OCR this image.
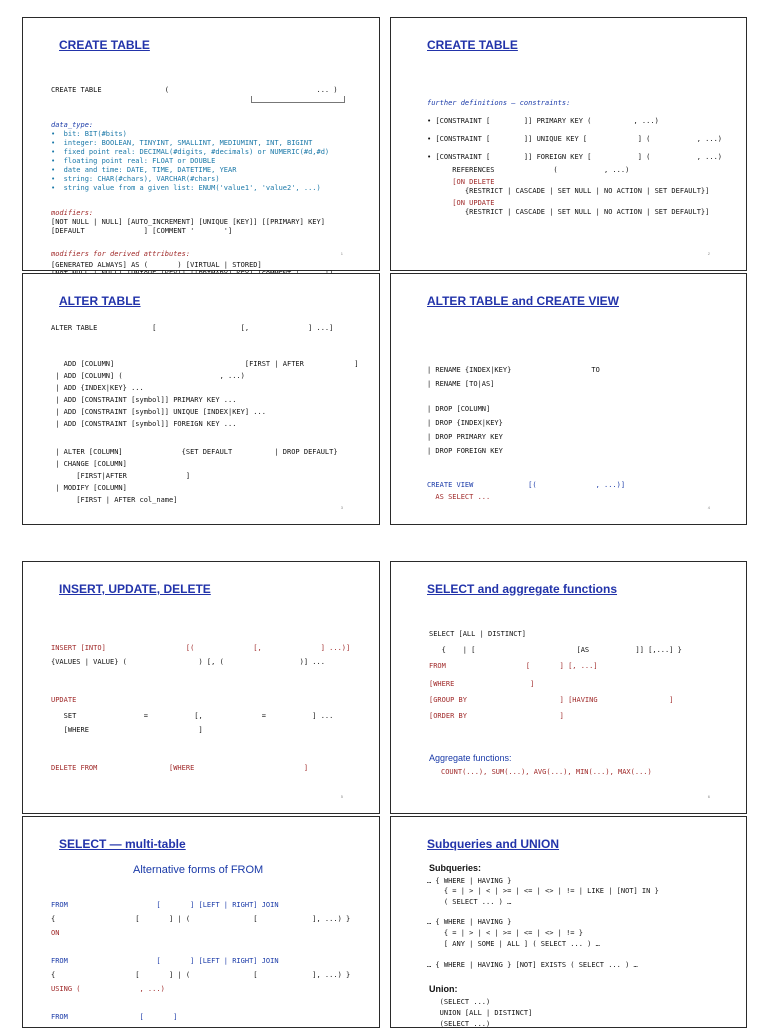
CREATE TABLE
CREATE TABLE               (                                   ... )
data_type:
•  bit: BIT(#bits)
•  integer: BOOLEAN, TINYINT, SMALLINT, MEDIUMINT, INT, BIGINT
•  fixed point real: DECIMAL(#digits, #decimals) or NUMERIC(#d,#d)
•  floating point real: FLOAT or DOUBLE
•  date and time: DATE, TIME, DATETIME, YEAR
•  string: CHAR(#chars), VARCHAR(#chars)
•  string value from a given list: ENUM('value1', 'value2', ...)
modifiers:
[NOT NULL | NULL] [AUTO_INCREMENT] [UNIQUE [KEY]] [[PRIMARY] KEY]
[DEFAULT              ] [COMMENT '       ']
modifiers for derived attributes:
[GENERATED ALWAYS] AS (       ) [VIRTUAL | STORED]
1
CREATE TABLE
further definitions – constraints:
• [CONSTRAINT [        ]] PRIMARY KEY (          , ...)
• [CONSTRAINT [        ]] UNIQUE KEY [            ] (           , ...)
• [CONSTRAINT [        ]] FOREIGN KEY [           ] (           , ...)
REFERENCES              (           , ...)
[ON DELETE
{RESTRICT | CASCADE | SET NULL | NO ACTION | SET DEFAULT}]
[ON UPDATE
{RESTRICT | CASCADE | SET NULL | NO ACTION | SET DEFAULT}]
2
ALTER TABLE
ALTER TABLE             [                    [,              ] ...]
ADD [COLUMN]                               [FIRST | AFTER            ]
| ADD [COLUMN] (                       , ...)
| ADD {INDEX|KEY} ...
| ADD [CONSTRAINT [symbol]] PRIMARY KEY ...
| ADD [CONSTRAINT [symbol]] UNIQUE [INDEX|KEY] ...
| ADD [CONSTRAINT [symbol]] FOREIGN KEY ...
| ALTER [COLUMN]              {SET DEFAULT          | DROP DEFAULT}
| CHANGE [COLUMN]
[FIRST|AFTER              ]
| MODIFY [COLUMN]
[FIRST | AFTER col_name]
3
ALTER TABLE and CREATE VIEW
| RENAME {INDEX|KEY}                   TO
| RENAME [TO|AS]
| DROP [COLUMN]
| DROP {INDEX|KEY}
| DROP PRIMARY KEY
| DROP FOREIGN KEY
CREATE VIEW             [(              , ...)]
AS SELECT ...
4
INSERT, UPDATE, DELETE
INSERT [INTO]                   [(              [,              ] ...)]
{VALUES | VALUE} (                 ) [, (                  )] ...
UPDATE
SET                =           [,              =           ] ...
[WHERE                          ]
DELETE FROM                 [WHERE                          ]
5
SELECT and aggregate functions
SELECT [ALL | DISTINCT]
{    | [                        [AS           ]] [,...] }
FROM                   [       ] [, ...]
[WHERE                  ]
[GROUP BY                      ] [HAVING                 ]
[ORDER BY                      ]
Aggregate functions:
COUNT(...), SUM(...), AVG(...), MIN(...), MAX(...)
6
SELECT — multi-table
Alternative forms of FROM
FROM                     [       ] [LEFT | RIGHT] JOIN
{                   [       ] | (               [             ], ...) }
ON
FROM                     [       ] [LEFT | RIGHT] JOIN
{                   [       ] | (               [             ], ...) }
USING (              , ...)
FROM                 [       ]
Subqueries and UNION
Subqueries:
… { WHERE | HAVING }
{ = | > | < | >= | <= | <> | != | LIKE | [NOT] IN }
( SELECT ... ) …
… { WHERE | HAVING }
{ = | > | < | >= | <= | <> | != }
[ ANY | SOME | ALL ] ( SELECT ... ) …
… { WHERE | HAVING } [NOT] EXISTS ( SELECT ... ) …
Union:
(SELECT ...)
UNION [ALL | DISTINCT]
(SELECT ...)
